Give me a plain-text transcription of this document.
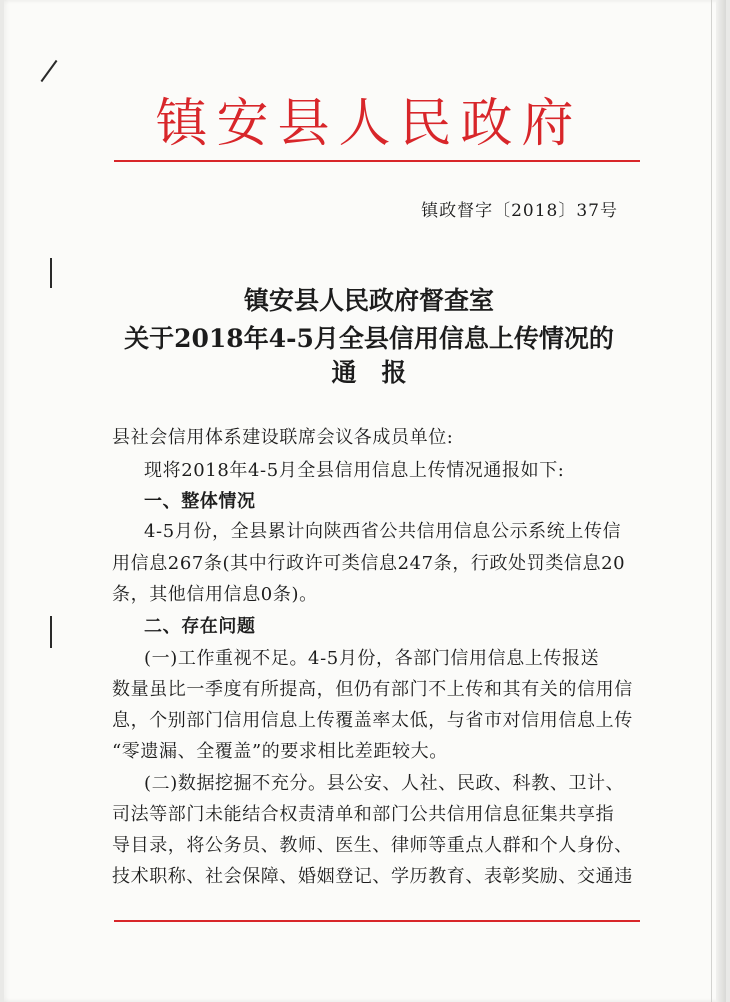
镇安县人民政府
镇政督字〔2018〕37号
镇安县人民政府督查室
关于2018年4-5月全县信用信息上传情况的
通　报
县社会信用体系建设联席会议各成员单位:
现将2018年4-5月全县信用信息上传情况通报如下:
一、整体情况
4-5月份，全县累计向陕西省公共信用信息公示系统上传信
用信息267条(其中行政许可类信息247条，行政处罚类信息20
条，其他信用信息0条)。
二、存在问题
(一)工作重视不足。4-5月份，各部门信用信息上传报送
数量虽比一季度有所提高，但仍有部门不上传和其有关的信用信
息，个别部门信用信息上传覆盖率太低，与省市对信用信息上传
“零遗漏、全覆盖”的要求相比差距较大。
(二)数据挖掘不充分。县公安、人社、民政、科教、卫计、
司法等部门未能结合权责清单和部门公共信用信息征集共享指
导目录，将公务员、教师、医生、律师等重点人群和个人身份、
技术职称、社会保障、婚姻登记、学历教育、表彰奖励、交通违
